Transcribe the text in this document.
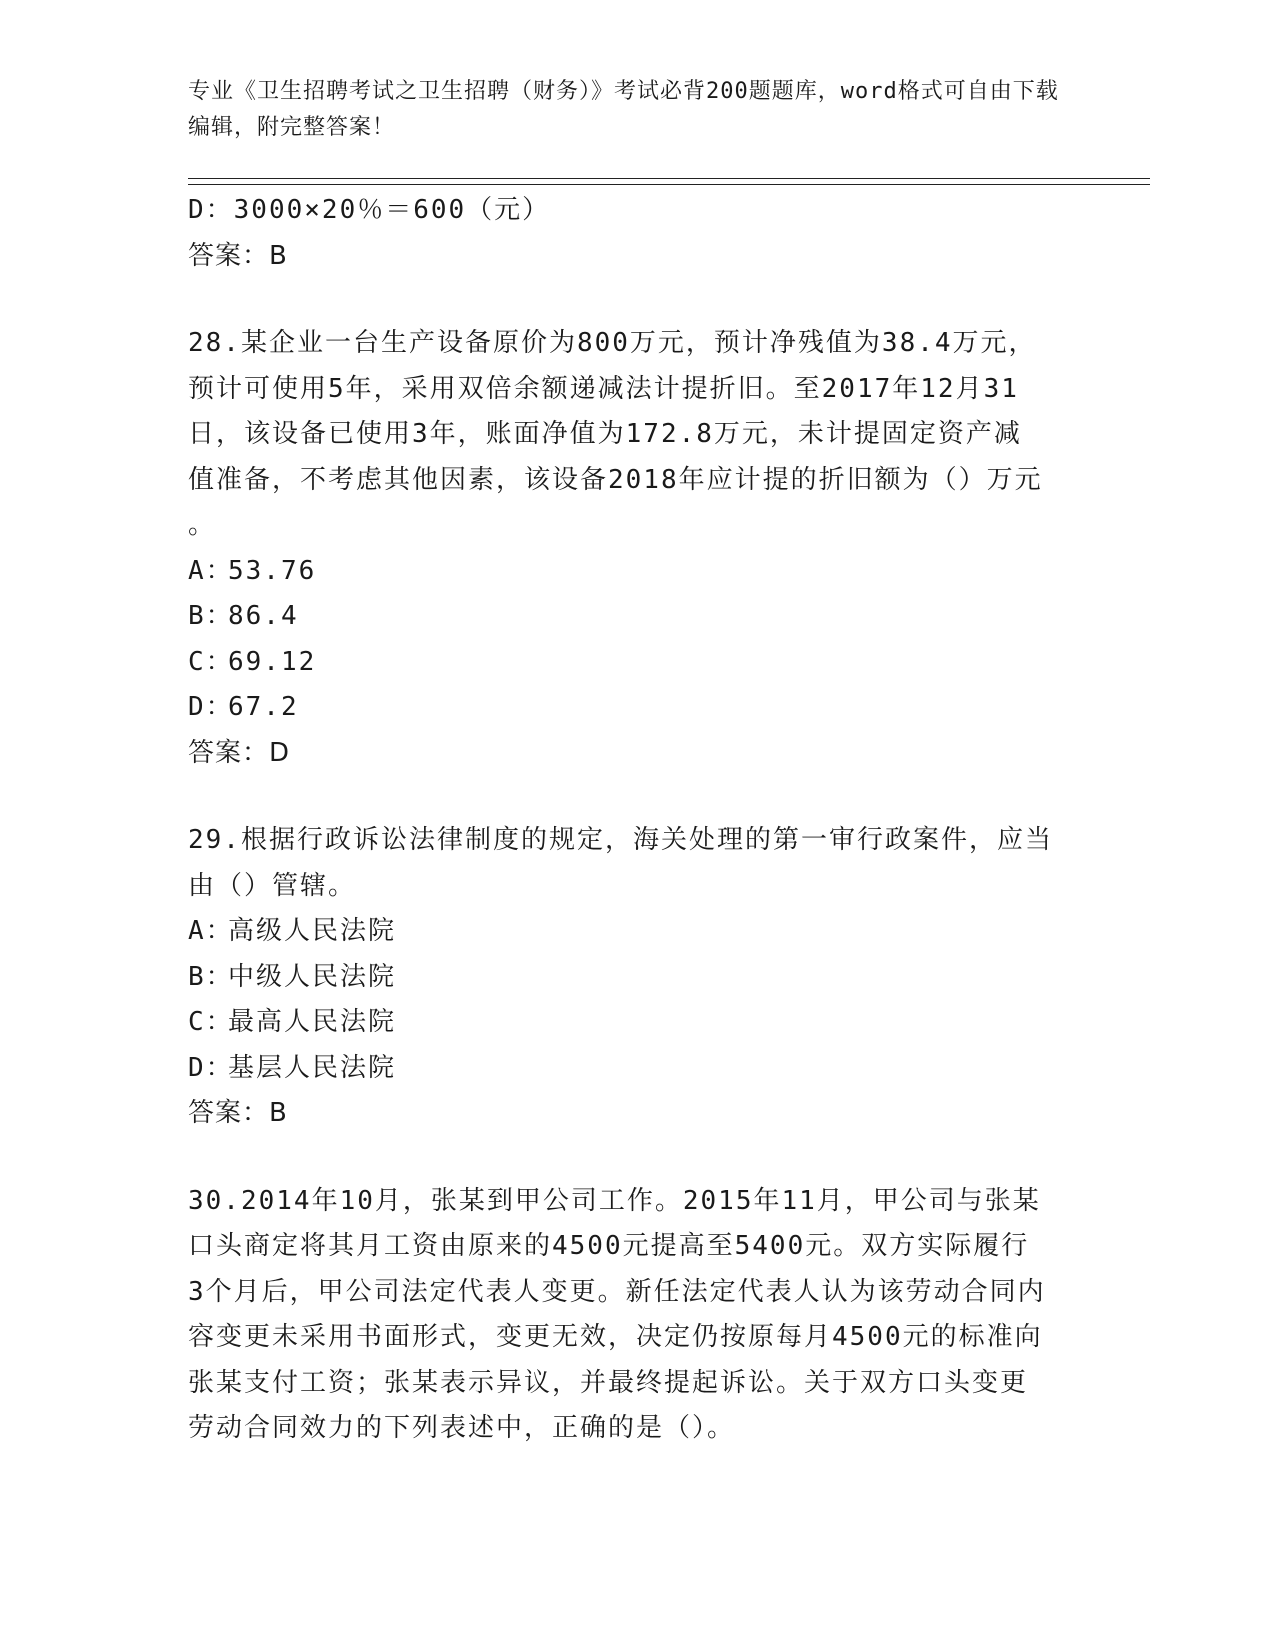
专业《卫生招聘考试之卫生招聘（财务）》考试必背200题题库，word格式可自由下载编辑，附完整答案！

D：3000×20％＝600（元）
答案：B
28.某企业一台生产设备原价为800万元，预计净残值为38.4万元，
预计可使用5年，采用双倍余额递减法计提折旧。至2017年12月31
日，该设备已使用3年，账面净值为172.8万元，未计提固定资产减
值准备，不考虑其他因素，该设备2018年应计提的折旧额为（）万元
。
A：53.76
B：86.4
C：69.12
D：67.2
答案：D
29.根据行政诉讼法律制度的规定，海关处理的第一审行政案件，应当
由（）管辖。
A：高级人民法院
B：中级人民法院
C：最高人民法院
D：基层人民法院
答案：B
30.2014年10月，张某到甲公司工作。2015年11月，甲公司与张某
口头商定将其月工资由原来的4500元提高至5400元。双方实际履行
3个月后，甲公司法定代表人变更。新任法定代表人认为该劳动合同内
容变更未采用书面形式，变更无效，决定仍按原每月4500元的标准向
张某支付工资；张某表示异议，并最终提起诉讼。关于双方口头变更
劳动合同效力的下列表述中，正确的是（）。
